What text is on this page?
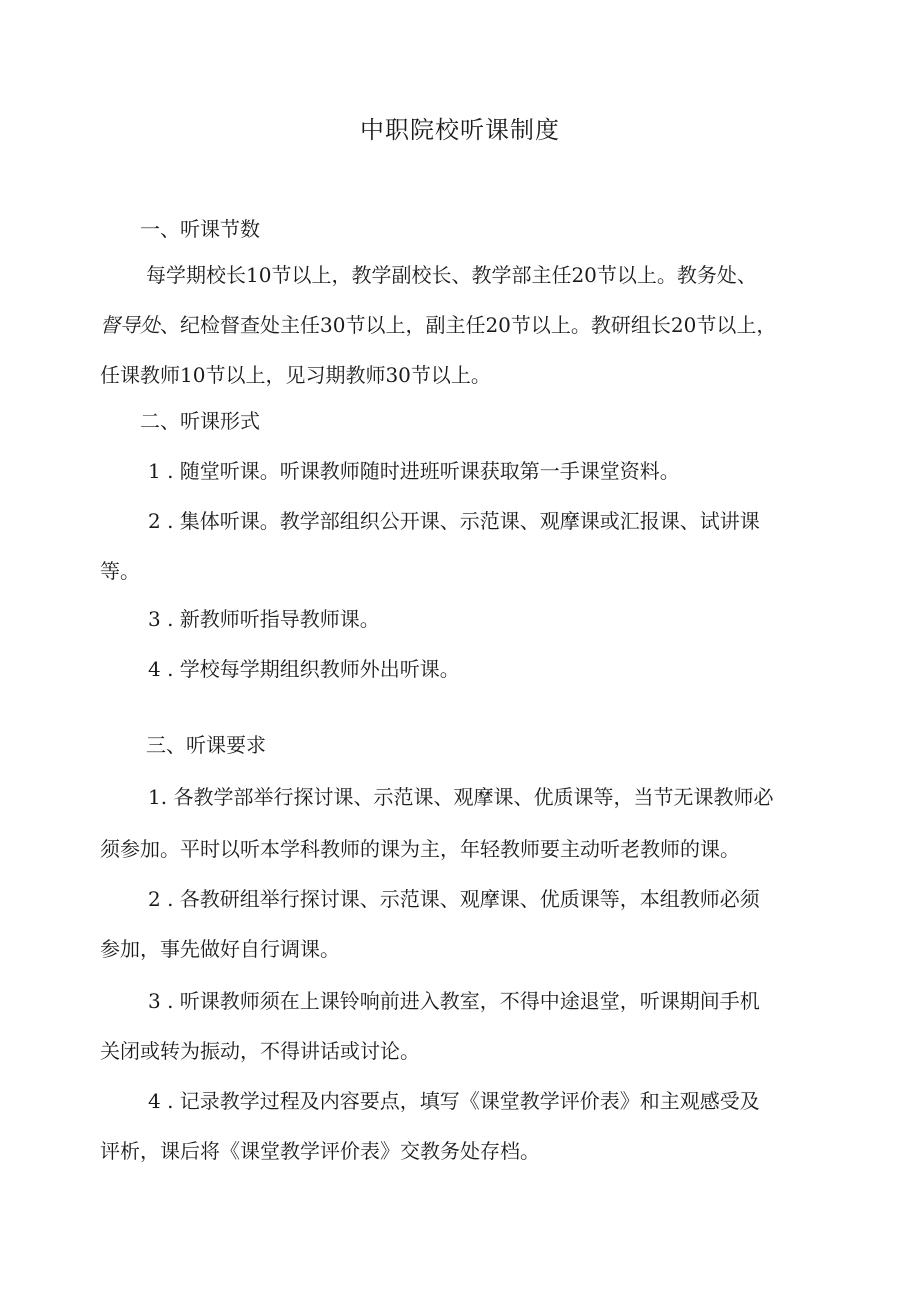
中职院校听课制度
一、听课节数
每学期校长10节以上，教学副校长、教学部主任20节以上。教务处、
督导处、纪检督查处主任30节以上，副主任20节以上。教研组长20节以上，
任课教师10节以上，见习期教师30节以上。
二、听课形式
1 . 随堂听课。听课教师随时进班听课获取第一手课堂资料。
2 . 集体听课。教学部组织公开课、示范课、观摩课或汇报课、试讲课
等。
3 . 新教师听指导教师课。
4 . 学校每学期组织教师外出听课。
三、听课要求
1. 各教学部举行探讨课、示范课、观摩课、优质课等，当节无课教师必
须参加。平时以听本学科教师的课为主，年轻教师要主动听老教师的课。
2 . 各教研组举行探讨课、示范课、观摩课、优质课等，本组教师必须
参加，事先做好自行调课。
3 . 听课教师须在上课铃响前进入教室，不得中途退堂，听课期间手机
关闭或转为振动，不得讲话或讨论。
4 . 记录教学过程及内容要点，填写《课堂教学评价表》和主观感受及
评析，课后将《课堂教学评价表》交教务处存档。
